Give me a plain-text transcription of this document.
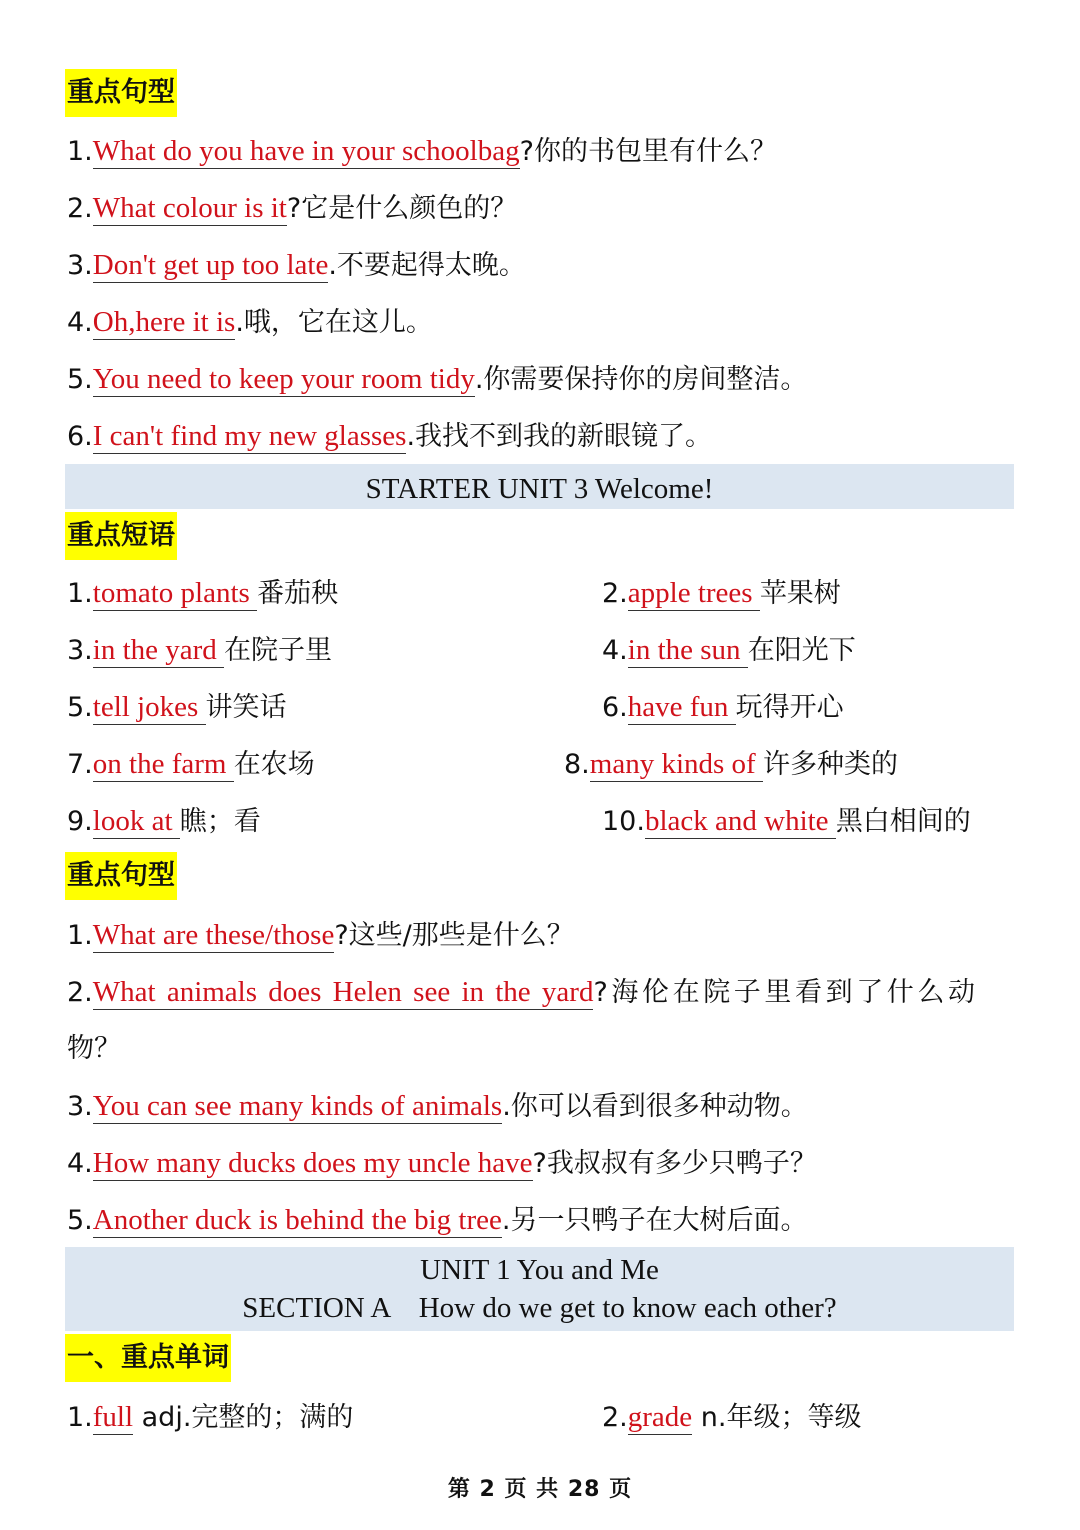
重点句型
1.What do you have in your schoolbag?你的书包里有什么？
2.What colour is it?它是什么颜色的？
3.Don't get up too late.不要起得太晚。
4.Oh,here it is.哦，它在这儿。
5.You need to keep your room tidy.你需要保持你的房间整洁。
6.I can't find my new glasses.我找不到我的新眼镜了。
STARTER UNIT 3 Welcome!
重点短语
1.tomato plants 番茄秧	2.apple trees 苹果树
3.in the yard 在院子里	4.in the sun 在阳光下
5.tell jokes 讲笑话	6.have fun 玩得开心
7.on the farm 在农场	8.many kinds of 许多种类的
9.look at 瞧；看	10.black and white 黑白相间的
重点句型
1.What are these/those?这些/那些是什么？
2.What animals does Helen see in the yard?海伦在院子里看到了什么动
物？
3.You can see many kinds of animals.你可以看到很多种动物。
4.How many ducks does my uncle have?我叔叔有多少只鸭子？
5.Another duck is behind the big tree.另一只鸭子在大树后面。
UNIT 1 You and Me
SECTION A　How do we get to know each other?
一、重点单词
1.full adj.完整的；满的	2.grade n.年级；等级
第 2 页 共 28 页
